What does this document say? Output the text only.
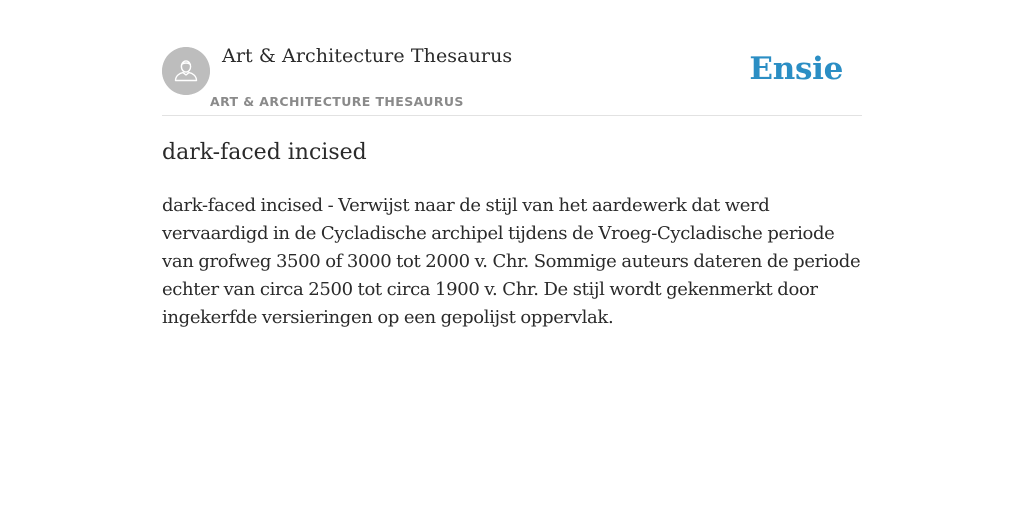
Art & Architecture Thesaurus
ART & ARCHITECTURE THESAURUS
Ensie
dark-faced incised

dark-faced incised - Verwijst naar de stijl van het aardewerk dat werd vervaardigd in de Cycladische archipel tijdens de Vroeg-Cycladische periode van grofweg 3500 of 3000 tot 2000 v. Chr. Sommige auteurs dateren de periode echter van circa 2500 tot circa 1900 v. Chr. De stijl wordt gekenmerkt door ingekerfde versieringen op een gepolijst oppervlak.
